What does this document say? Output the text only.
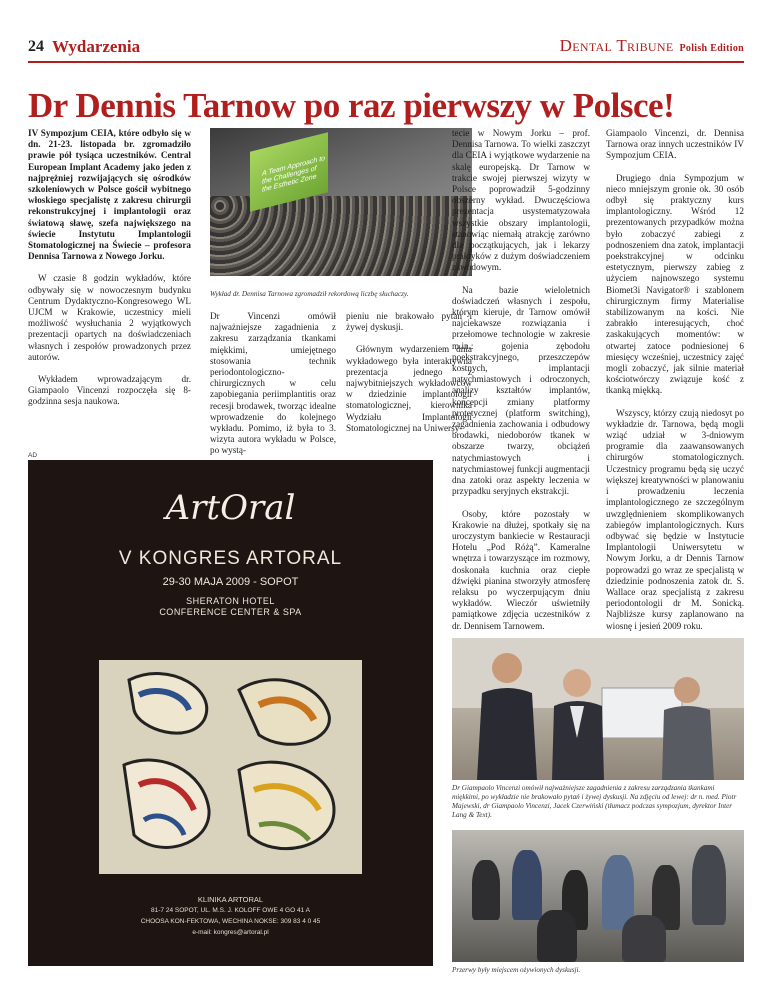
24 Wydarzenia	Dental Tribune Polish Edition
Dr Dennis Tarnow po raz pierwszy w Polsce!

IV Sympozjum CEIA, które odbyło się w dn. 21-23. listopada br. zgromadziło prawie pół tysiąca uczestników. Central European Implant Academy jako jeden z najprężniej rozwijających się ośrodków szkoleniowych w Polsce gościł wybitnego włoskiego specjalistę z zakresu chirurgii rekonstrukcyjnej i implantologii oraz światową sławę, szefa największego na świecie Instytutu Implantologii Stomatologicznej na Świecie – profesora Dennisa Tarnowa z Nowego Jorku.

W czasie 8 godzin wykładów, które odbywały się w nowoczesnym budynku Centrum Dydaktyczno-Kongresowego WL UJCM w Krakowie, uczestnicy mieli możliwość wysłuchania 2 wyjątkowych prezentacji opartych na doświadczeniach własnych i zespołów prowadzonych przez autorów.

Wykładem wprowadzającym dr. Giampaolo Vincenzi rozpoczęła się 8-godzinna sesja naukowa.

A Team Approach to the Challenges of the Esthetic Zone
Wykład dr. Dennisa Tarnowa zgromadził rekordową liczbę słuchaczy.

Dr Vincenzi omówił najważniejsze zagadnienia z zakresu zarządzania tkankami miękkimi, umiejętnego stosowania technik periodontologiczno-chirurgicznych w celu zapobiegania periimplantitis oraz recesji brodawek, tworząc idealne wprowadzenie do kolejnego wykładu. Pomimo, iż była to 3. wizyta autora wykładu w Polsce, po wystą-

pieniu nie brakowało pytań i żywej dyskusji.

Głównym wydarzeniem dnia wykładowego była interaktywna prezentacja jednego z najwybitniejszych wykładowców w dziedzinie implantologii stomatologicznej, kierownika Wydziału Implantologii Stomatologicznej na Uniwersy-

tecie w Nowym Jorku – prof. Dennisa Tarnowa. To wielki zaszczyt dla CEIA i wyjątkowe wydarzenie na skalę europejską. Dr Tarnow w trakcie swojej pierwszej wizyty w Polsce poprowadził 5-godzinny obszerny wykład. Dwuczęściowa prezentacja usystematyzowała wszystkie obszary implantologii, stanowiąc niemałą atrakcję zarówno dla początkujących, jak i lekarzy praktyków z dużym doświadczeniem zawodowym.

Na bazie wieloletnich doświadczeń własnych i zespołu, którym kieruje, dr Tarnow omówił najciekawsze rozwiązania i przełomowe technologie w zakresie m.in.: gojenia zębodołu poekstrakcyjnego, przeszczepów kostnych, implantacji natychmiastowych i odroczonych, analizy kształtów implantów, koncepcji zmiany platformy protetycznej (platform switching), zagadnienia zachowania i odbudowy brodawki, niedoborów tkanek w obszarze twarzy, obciążeń natychmiastowych i natychmiastowej funkcji augmentacji dna zatoki oraz aspekty leczenia w przypadku seryjnych ekstrakcji.

Osoby, które pozostały w Krakowie na dłużej, spotkały się na uroczystym bankiecie w Restauracji Hotelu „Pod Różą”. Kameralne wnętrza i towarzyszące im rozmowy, doskonała kuchnia oraz ciepłe dźwięki pianina stworzyły atmosferę relaksu po wyczerpującym dniu wykładów. Wieczór uświetniły pamiątkowe zdjęcia uczestników z dr. Dennisem Tarnowem.

Giampaolo Vincenzi, dr. Dennisa Tarnowa oraz innych uczestników IV Sympozjum CEIA.

Drugiego dnia Sympozjum w nieco mniejszym gronie ok. 30 osób odbył się praktyczny kurs implantologiczny. Wśród 12 prezentowanych przypadków można było zobaczyć zabiegi z podnoszeniem dna zatok, implantacji poekstrakcyjnej w odcinku estetycznym, pierwszy zabieg z użyciem najnowszego systemu Biomet3i Navigator® i szablonem chirurgicznym firmy Materialise stabilizowanym na kości. Nie zabrakło interesujących, choć zaskakujących momentów: w otwartej zatoce podniesionej 6 miesięcy wcześniej, uczestnicy zajęć mogli zobaczyć, jak silnie materiał kościotwórczy związuje kość z tkanką miękką.

Wszyscy, którzy czują niedosyt po wykładzie dr. Tarnowa, będą mogli wziąć udział w 3-dniowym programie dla zaawansowanych chirurgów stomatologicznych. Uczestnicy programu będą się uczyć większej kreatywności w planowaniu i prowadzeniu leczenia implantologicznego ze szczególnym uwzględnieniem skomplikowanych zabiegów implantologicznych. Kurs odbywać się będzie w Instytucie Implantologii Uniwersytetu w Nowym Jorku, a dr Dennis Tarnow poprowadzi go wraz ze specjalistą w dziedzinie podnoszenia zatok dr. S. Wallace oraz specjalistą z zakresu periodontologii dr M. Sonicką. Najbliższe kursy zaplanowano na wiosnę i jesień 2009 roku.

AD
ArtOral
V KONGRES ARTORAL
29-30 MAJA 2009 - SOPOT
SHERATON HOTEL
CONFERENCE CENTER & SPA
KLINIKA ARTORAL
81-7 24 SOPOT, UL. M.S. J. KOLOFF OWE 4 GO 41 A
CHOOSA KON-FEKTOWA, WECHINA NOKSE: 309 83 4 0 45
e-mail: kongres@artoral.pl
Dr Giampaolo Vincenzi omówił najważniejsze zagadnienia z zakresu zarządzania tkankami miękkimi, po wykładzie nie brakowało pytań i żywej dyskusji. Na zdjęciu od lewej: dr n. med. Piotr Majewski, dr Giampaolo Vincenzi, Jacek Czerwiński (tłumacz podczas sympozjum, dyrektor Inter Lang & Text).
Przerwy były miejscem ożywionych dyskusji.
